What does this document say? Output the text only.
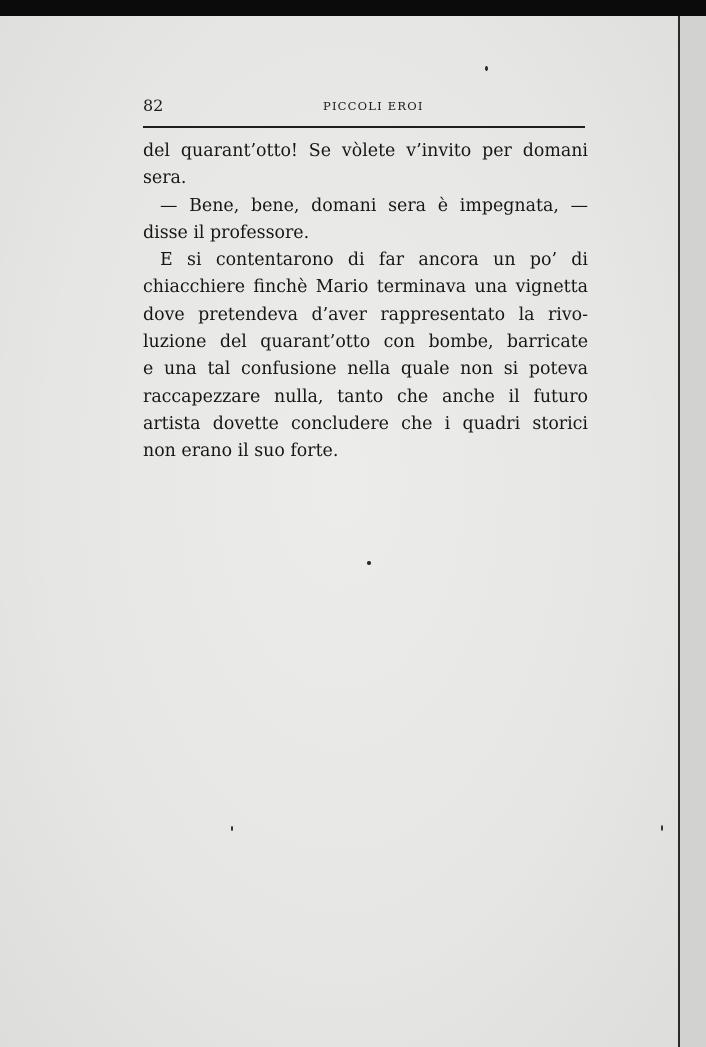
82	PICCOLI EROI
del quarant’otto! Se vòlete v’invito per domani
sera.
— Bene, bene, domani sera è impegnata, —
disse il professore.
E si contentarono di far ancora un po’ di
chiacchiere finchè Mario terminava una vignetta
dove pretendeva d’aver rappresentato la rivo-
luzione del quarant’otto con bombe, barricate
e una tal confusione nella quale non si poteva
raccapezzare nulla, tanto che anche il futuro
artista dovette concludere che i quadri storici
non erano il suo forte.
